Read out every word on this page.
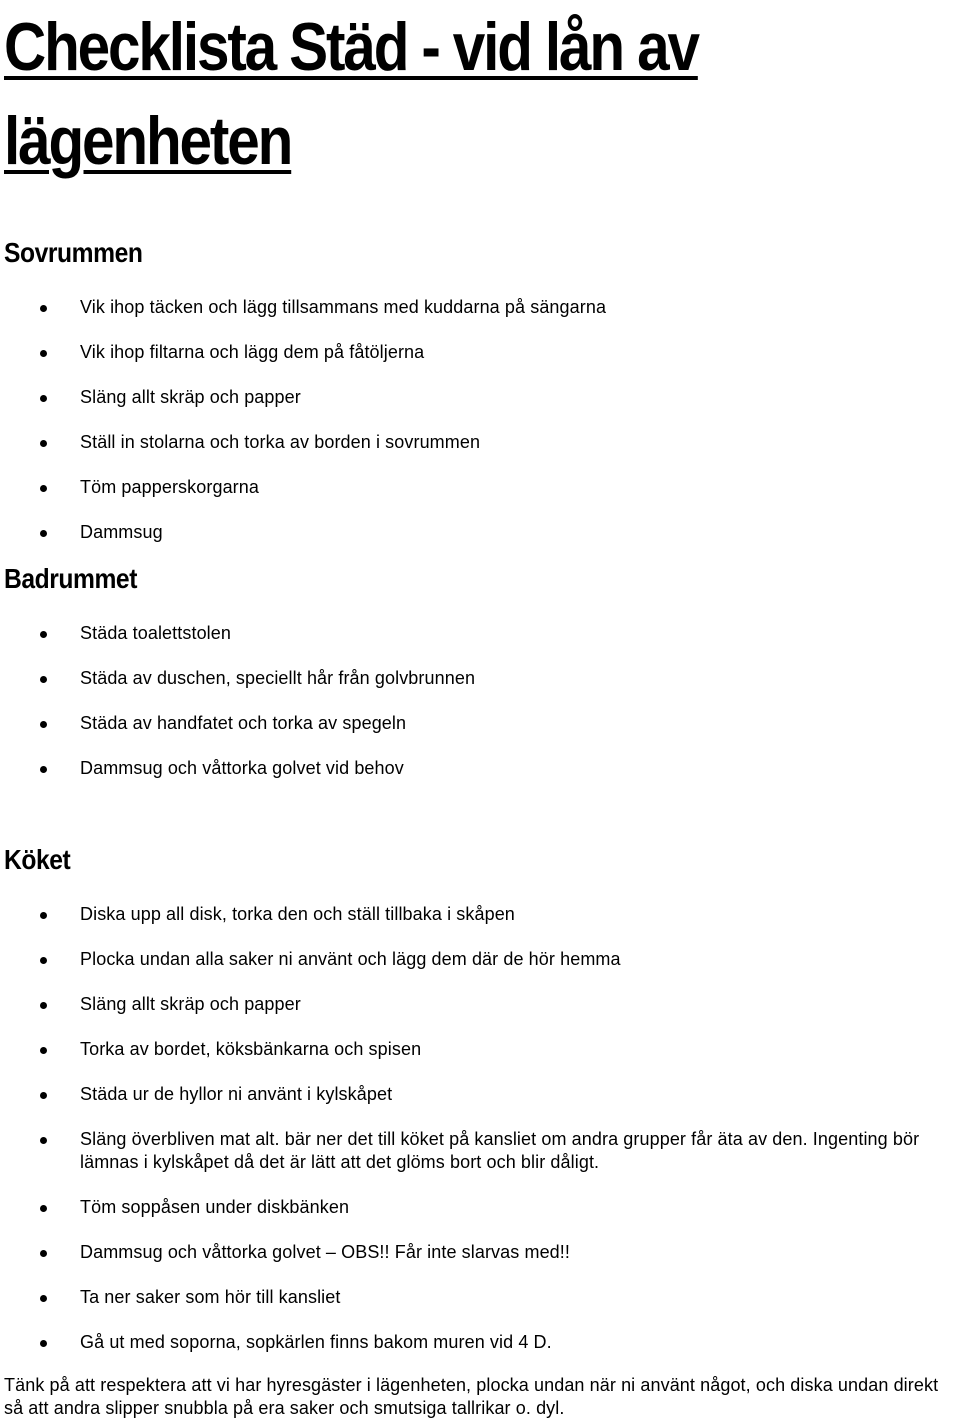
Checklista Städ - vid lån av
lägenheten
Sovrummen
Vik ihop täcken och lägg tillsammans med kuddarna på sängarna
Vik ihop filtarna och lägg dem på fåtöljerna
Släng allt skräp och papper
Ställ in stolarna och torka av borden i sovrummen
Töm papperskorgarna
Dammsug
Badrummet
Städa toalettstolen
Städa av duschen, speciellt hår från golvbrunnen
Städa av handfatet och torka av spegeln
Dammsug och våttorka golvet vid behov
Köket
Diska upp all disk, torka den och ställ tillbaka i skåpen
Plocka undan alla saker ni använt och lägg dem där de hör hemma
Släng allt skräp och papper
Torka av bordet, köksbänkarna och spisen
Städa ur de hyllor ni använt i kylskåpet
Släng överbliven mat alt. bär ner det till köket på kansliet om andra grupper får äta av den. Ingenting bör lämnas i kylskåpet då det är lätt att det glöms bort och blir dåligt.
Töm soppåsen under diskbänken
Dammsug och våttorka golvet – OBS!! Får inte slarvas med!!
Ta ner saker som hör till kansliet
Gå ut med soporna, sopkärlen finns bakom muren vid 4 D.

Tänk på att respektera att vi har hyresgäster i lägenheten, plocka undan när ni använt något, och diska undan direkt så att andra slipper snubbla på era saker och smutsiga tallrikar o. dyl.
